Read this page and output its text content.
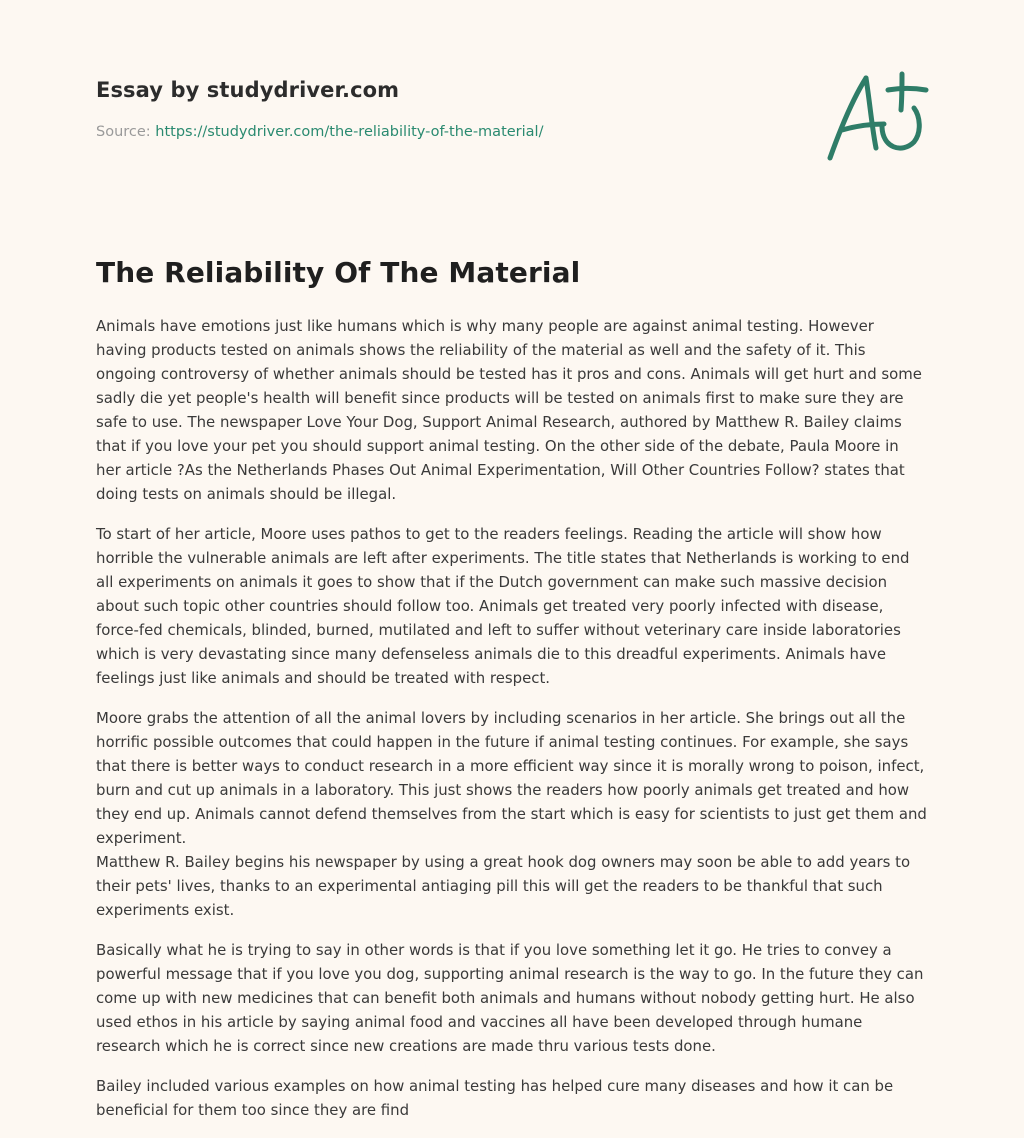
Essay by studydriver.com
Source: https://studydriver.com/the-reliability-of-the-material/
The Reliability Of The Material

Animals have emotions just like humans which is why many people are against animal testing. However having products tested on animals shows the reliability of the material as well and the safety of it. This ongoing controversy of whether animals should be tested has it pros and cons. Animals will get hurt and some sadly die yet people's health will benefit since products will be tested on animals first to make sure they are safe to use. The newspaper Love Your Dog, Support Animal Research, authored by Matthew R. Bailey claims that if you love your pet you should support animal testing. On the other side of the debate, Paula Moore in her article ?As the Netherlands Phases Out Animal Experimentation, Will Other Countries Follow? states that doing tests on animals should be illegal.

To start of her article, Moore uses pathos to get to the readers feelings. Reading the article will show how horrible the vulnerable animals are left after experiments. The title states that Netherlands is working to end all experiments on animals it goes to show that if the Dutch government can make such massive decision about such topic other countries should follow too. Animals get treated very poorly infected with disease, force-fed chemicals, blinded, burned, mutilated and left to suffer without veterinary care inside laboratories which is very devastating since many defenseless animals die to this dreadful experiments. Animals have feelings just like animals and should be treated with respect.

Moore grabs the attention of all the animal lovers by including scenarios in her article. She brings out all the horrific possible outcomes that could happen in the future if animal testing continues. For example, she says that there is better ways to conduct research in a more efficient way since it is morally wrong to poison, infect, burn and cut up animals in a laboratory. This just shows the readers how poorly animals get treated and how they end up. Animals cannot defend themselves from the start which is easy for scientists to just get them and experiment.
Matthew R. Bailey begins his newspaper by using a great hook dog owners may soon be able to add years to their pets' lives, thanks to an experimental antiaging pill this will get the readers to be thankful that such experiments exist.

Basically what he is trying to say in other words is that if you love something let it go. He tries to convey a powerful message that if you love you dog, supporting animal research is the way to go. In the future they can come up with new medicines that can benefit both animals and humans without nobody getting hurt. He also used ethos in his article by saying animal food and vaccines all have been developed through humane research which he is correct since new creations are made thru various tests done.

Bailey included various examples on how animal testing has helped cure many diseases and how it can be beneficial for them too since they are find
